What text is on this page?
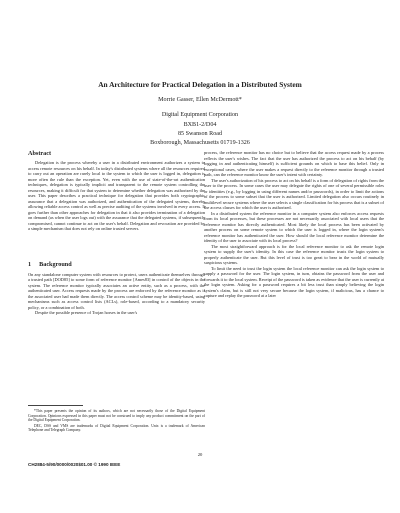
An Architecture for Practical Delegation in a Distributed System
Morrie Gasser, Ellen McDermott*
Digital Equipment Corporation
BXB1-2/D04
85 Swanson Road
Boxborough, Massachusetts 01719-1326
Abstract

Delegation is the process whereby a user in a distributed environment authorizes a system to access remote resources on his behalf. In today's distributed systems where all the resources required to carry out an operation are rarely local to the system to which the user is logged in, delegation is more often the rule than the exception. Yet, even with the use of state-of-the-art authentication techniques, delegation is typically implicit and transparent to the remote system controlling the resources, making it difficult for that system to determine whether delegation was authorized by the user. This paper describes a practical technique for delegation that provides both cryptographic assurance that a delegation was authorized, and authentication of the delegated systems, thereby allowing reliable access control as well as precise auditing of the systems involved in every access. It goes further than other approaches for delegation in that it also provides termination of a delegation on demand (as when the user logs out) with the assurance that the delegated systems, if subsequently compromised, cannot continue to act on the user's behalf. Delegation and revocation are provided by a simple mechanism that does not rely on online trusted servers.

1 Background

On any standalone computer system with resources to protect, users authenticate themselves through a trusted path [DOD85] to some form of reference monitor [Ames83] in control of the objects in the system. The reference monitor typically associates an active entity, such as a process, with the authenticated user. Access requests made by the process are enforced by the reference monitor as if the associated user had made them directly. The access control scheme may be identity-based, using mechanisms such as access control lists (ACLs), role-based, according to a mandatory security policy, or a combination of both.

Despite the possible presence of Trojan horses in the user's

*This paper presents the opinion of its authors, which are not necessarily those of the Digital Equipment Corporation. Opinions expressed in this paper must not be construed to imply any product commitment on the part of the Digital Equipment Corporation.

DEC, DSS and VMS are trademarks of Digital Equipment Corporation. Unix is a trademark of American Telephone and Telegraph Company.

process, the reference monitor has no choice but to believe that the access request made by a process reflects the user's wishes. The fact that the user has authorized the process to act on his behalf (by logging in and authenticating himself) is sufficient grounds on which to base this belief. Only in exceptional cases, where the user makes a request directly to the reference monitor through a trusted path, can the reference monitor know the user's intent with certainty.

The user's authorization of his process to act on his behalf is a form of delegation of rights from the user to the process. In some cases the user may delegate the rights of one of several permissible roles or identities (e.g., by logging in using different names and/or passwords), in order to limit the actions of the process to some subset that the user is authorized. Limited delegation also occurs routinely in multilevel secure systems where the user selects a single classification for his process that is a subset of the access classes for which the user is authorized.

In a distributed system the reference monitor in a computer system also enforces access requests from its local processes, but these processes are not necessarily associated with local users that the reference monitor has directly authenticated. Most likely the local process has been activated by another process on some remote system to which the user is logged in, where the login system's reference monitor has authenticated the user. How should the local reference monitor determine the identity of the user to associate with its local process?

The most straightforward approach is for the local reference monitor to ask the remote login system to supply the user's identity. In this case the reference monitor trusts the login system to properly authenticate the user. But this level of trust is too great to bear in the world of mutually suspicious systems.

To limit the need to trust the login system the local reference monitor can ask the login system to supply a password for the user. The login system, in turn, obtains the password from the user and forwards it to the local system. Receipt of the password is taken as evidence that the user is currently at the login system. Asking for a password requires a bit less trust than simply believing the login system's claim, but is still not very secure because the login system, if malicious, has a chance to capture and replay the password at a later

20
CH2884-5/90/0000/0020$01.00 © 1990 IEEE
